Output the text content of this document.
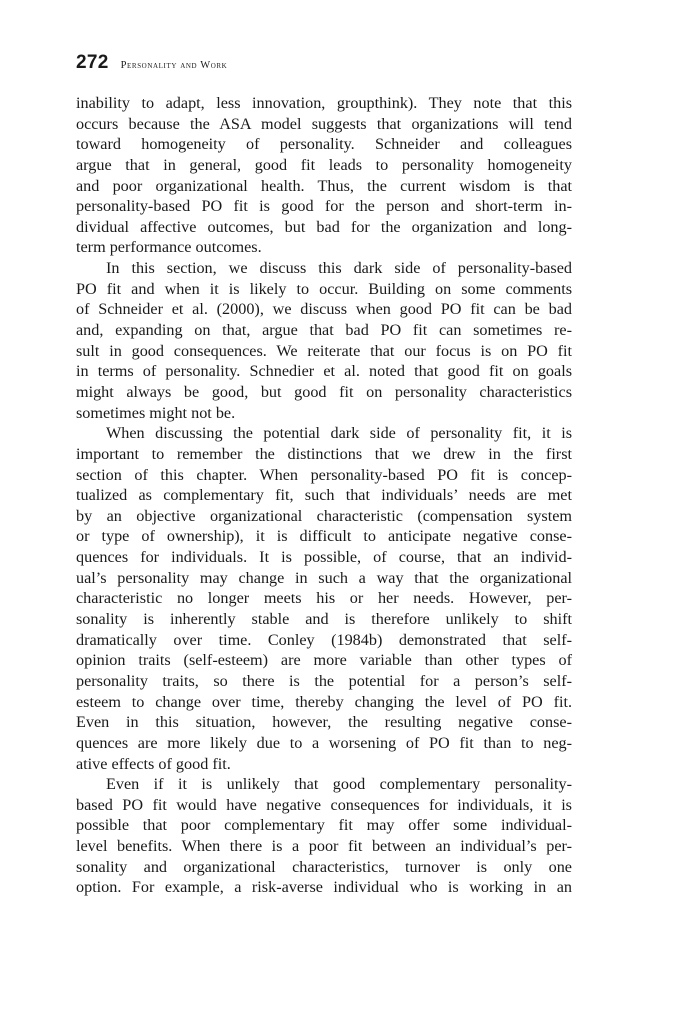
272 Personality and Work
inability to adapt, less innovation, groupthink). They note that this
occurs because the ASA model suggests that organizations will tend
toward homogeneity of personality. Schneider and colleagues
argue that in general, good fit leads to personality homogeneity
and poor organizational health. Thus, the current wisdom is that
personality-based PO fit is good for the person and short-term in-
dividual affective outcomes, but bad for the organization and long-
term performance outcomes.
In this section, we discuss this dark side of personality-based
PO fit and when it is likely to occur. Building on some comments
of Schneider et al. (2000), we discuss when good PO fit can be bad
and, expanding on that, argue that bad PO fit can sometimes re-
sult in good consequences. We reiterate that our focus is on PO fit
in terms of personality. Schnedier et al. noted that good fit on goals
might always be good, but good fit on personality characteristics
sometimes might not be.
When discussing the potential dark side of personality fit, it is
important to remember the distinctions that we drew in the first
section of this chapter. When personality-based PO fit is concep-
tualized as complementary fit, such that individuals’ needs are met
by an objective organizational characteristic (compensation system
or type of ownership), it is difficult to anticipate negative conse-
quences for individuals. It is possible, of course, that an individ-
ual’s personality may change in such a way that the organizational
characteristic no longer meets his or her needs. However, per-
sonality is inherently stable and is therefore unlikely to shift
dramatically over time. Conley (1984b) demonstrated that self-
opinion traits (self-esteem) are more variable than other types of
personality traits, so there is the potential for a person’s self-
esteem to change over time, thereby changing the level of PO fit.
Even in this situation, however, the resulting negative conse-
quences are more likely due to a worsening of PO fit than to neg-
ative effects of good fit.
Even if it is unlikely that good complementary personality-
based PO fit would have negative consequences for individuals, it is
possible that poor complementary fit may offer some individual-
level benefits. When there is a poor fit between an individual’s per-
sonality and organizational characteristics, turnover is only one
option. For example, a risk-averse individual who is working in an
